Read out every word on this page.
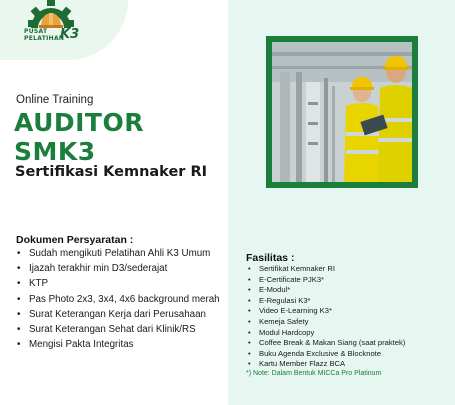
PUSAT
PELATIHAN
K3
Online Training
AUDITOR
SMK3
Sertifikasi Kemnaker RI
Dokumen Persyaratan :
• Sudah mengikuti Pelatihan Ahli K3 Umum
• Ijazah terakhir min D3/sederajat
• KTP
• Pas Photo 2x3, 3x4, 4x6 background merah
• Surat Keterangan Kerja dari Perusahaan
• Surat Keterangan Sehat dari Klinik/RS
• Mengisi Pakta Integritas
Fasilitas :
• Sertifikat Kemnaker RI
• E-Certificate PJK3*
• E-Modul*
• E-Regulasi K3*
• Video E-Learning K3*
• Kemeja Safety
• Modul Hardcopy
• Coffee Break & Makan Siang (saat praktek)
• Buku Agenda Exclusive & Blocknote
• Kartu Member Flazz BCA
*) Note: Dalam Bentuk MICCa Pro Platinum
